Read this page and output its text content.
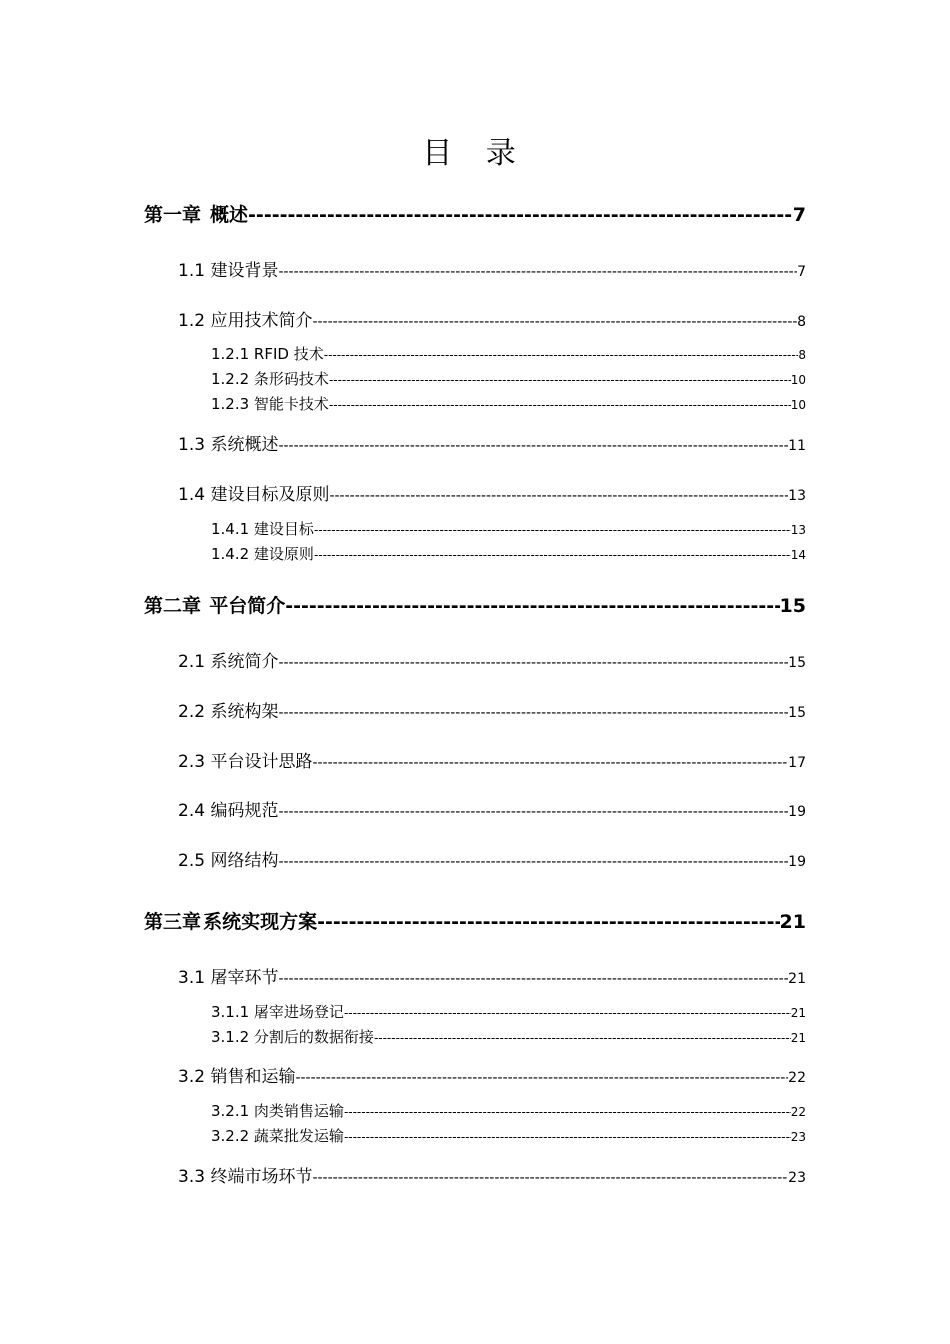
目 录
第一章 概述 -----	7
1.1 建设背景 -----	7
1.2 应用技术简介 -----	8
1.2.1 RFID 技术 -----	8
1.2.2 条形码技术 -----	10
1.2.3 智能卡技术 -----	10
1.3 系统概述 -----	11
1.4 建设目标及原则 -----	13
1.4.1 建设目标 -----	13
1.4.2 建设原则 -----	14
第二章 平台简介 -----	15
2.1 系统简介 -----	15
2.2 系统构架 -----	15
2.3 平台设计思路 -----	17
2.4 编码规范 -----	19
2.5 网络结构 -----	19
第三章 系统实现方案 -----	21
3.1 屠宰环节 -----	21
3.1.1 屠宰进场登记 -----	21
3.1.2 分割后的数据衔接 -----	21
3.2 销售和运输 -----	22
3.2.1 肉类销售运输 -----	22
3.2.2 蔬菜批发运输 -----	23
3.3 终端市场环节 -----	23
